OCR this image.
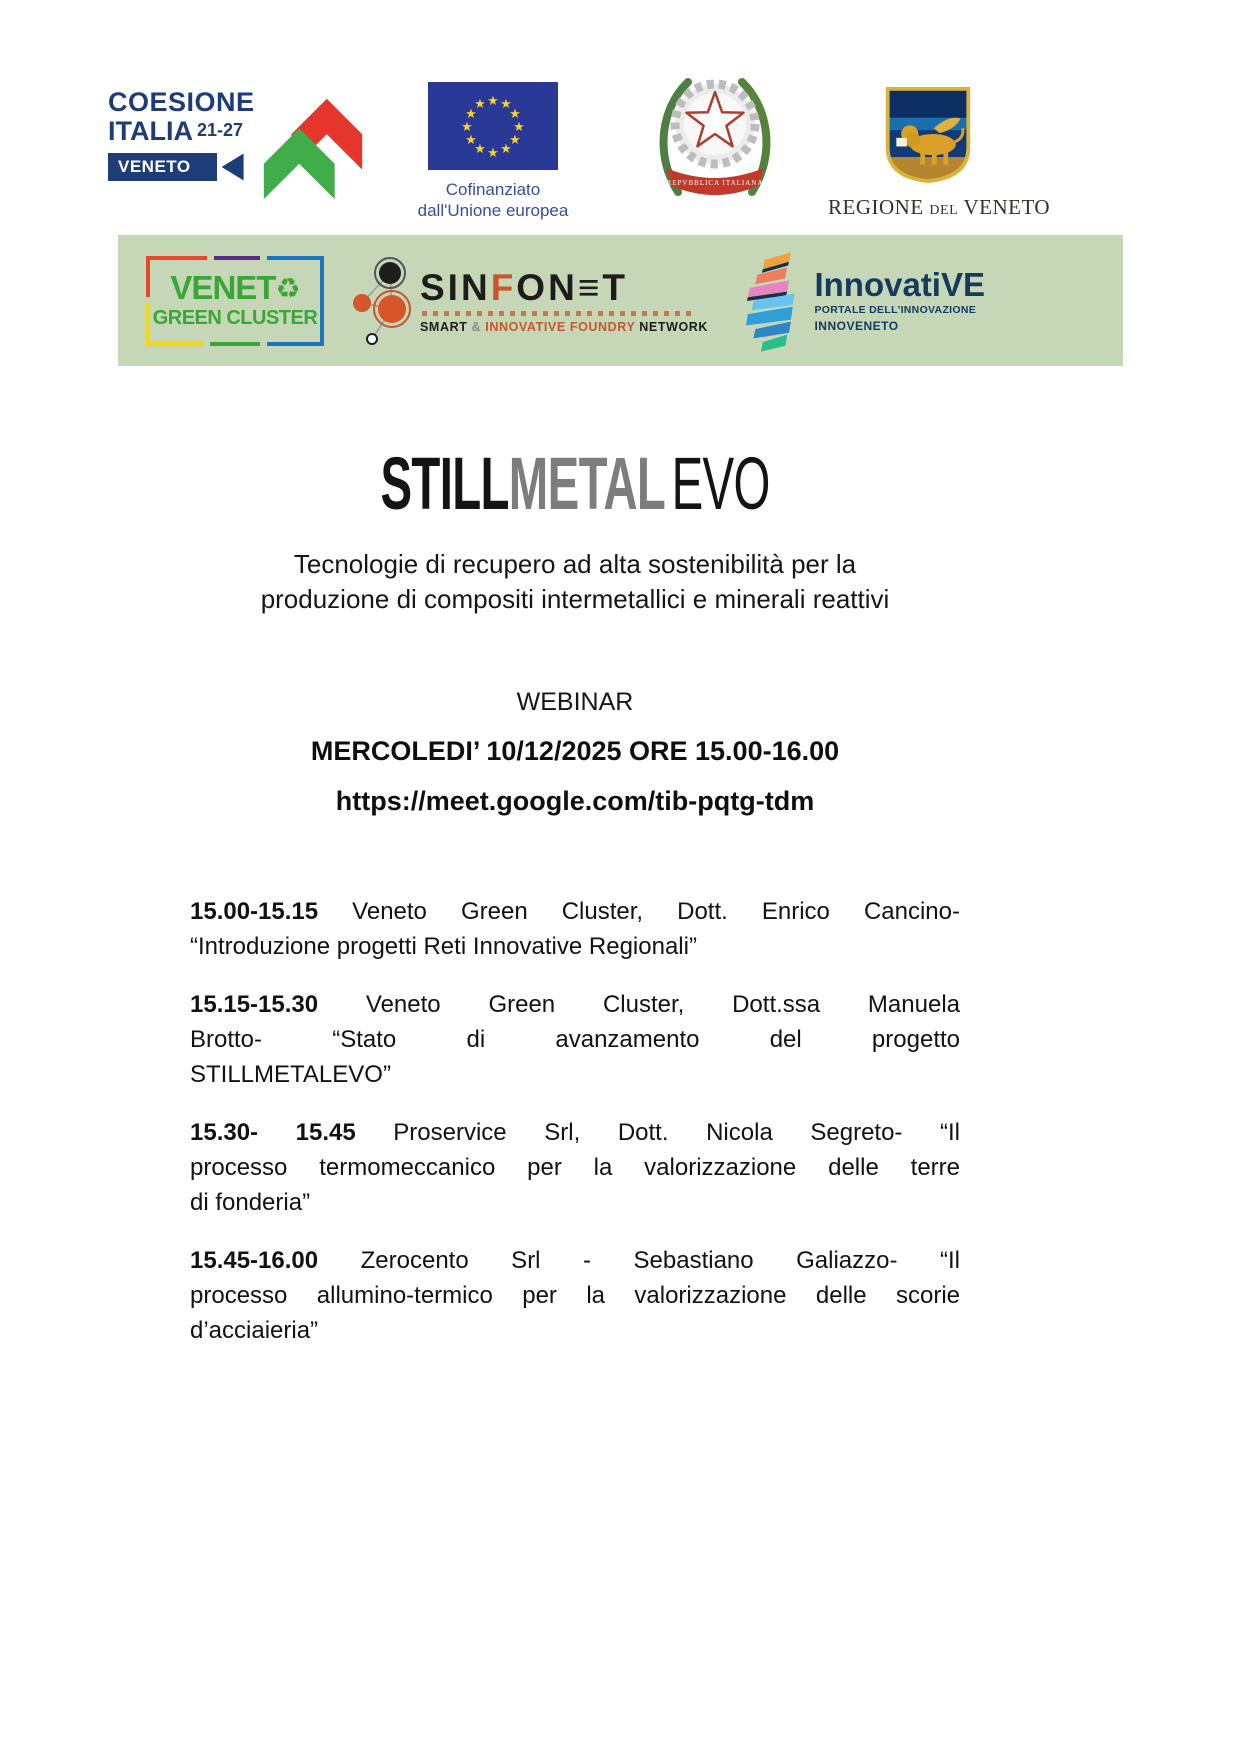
COESIONE
ITALIA 21-27
VENETO
★ ★
★
★
★
★
★
★
★
★
★
★
Cofinanziato
dall'Unione europea
REPVBBLICA ITALIANA
REGIONE DEL VENETO
VENET♻
GREEN CLUSTER
SINFON≡T
SMART & INNOVATIVE FOUNDRY NETWORK
InnovatiVE
PORTALE DELL'INNOVAZIONE
INNOVENETO
STILLMETALEVO
Tecnologie di recupero ad alta sostenibilità per la
produzione di compositi intermetallici e minerali reattivi
WEBINAR
MERCOLEDI’ 10/12/2025 ORE 15.00-16.00
https://meet.google.com/tib-pqtg-tdm
15.00-15.15 Veneto Green Cluster, Dott. Enrico Cancino-
“Introduzione progetti Reti Innovative Regionali”
15.15-15.30 Veneto Green Cluster, Dott.ssa Manuela
Brotto- “Stato di avanzamento del progetto
STILLMETALEVO”
15.30- 15.45 Proservice Srl, Dott. Nicola Segreto- “Il
processo termomeccanico per la valorizzazione delle terre
di fonderia”
15.45-16.00 Zerocento Srl - Sebastiano Galiazzo- “Il
processo allumino-termico per la valorizzazione delle scorie
d’acciaieria”
